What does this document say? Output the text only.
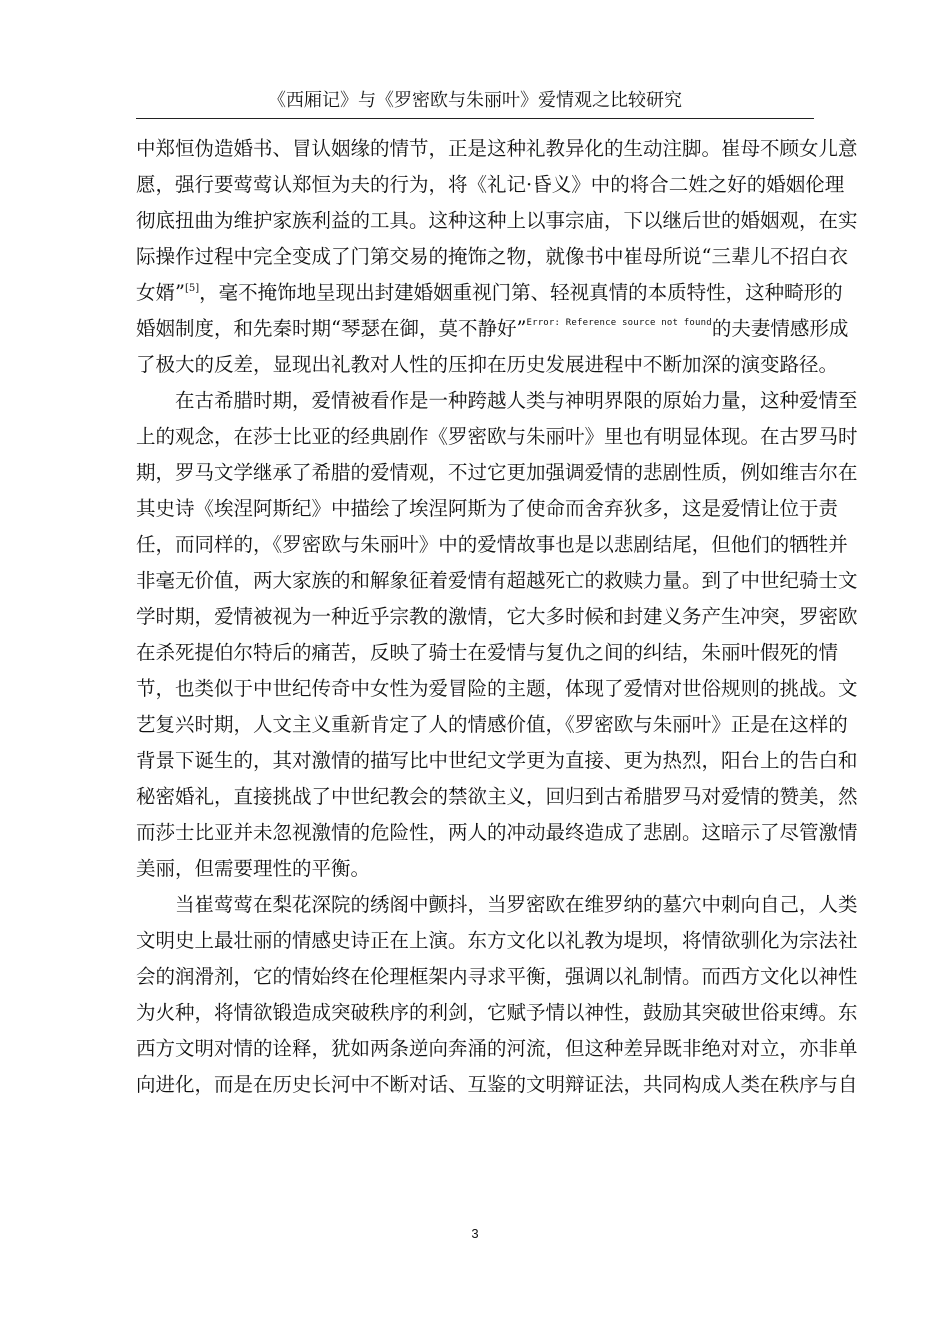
《西厢记》与《罗密欧与朱丽叶》爱情观之比较研究
中郑恒伪造婚书、冒认姻缘的情节，正是这种礼教异化的生动注脚。崔母不顾女儿意
愿，强行要莺莺认郑恒为夫的行为，将《礼记·昏义》中的将合二姓之好的婚姻伦理
彻底扭曲为维护家族利益的工具。这种这种上以事宗庙，下以继后世的婚姻观，在实
际操作过程中完全变成了门第交易的掩饰之物，就像书中崔母所说“三辈儿不招白衣
女婿”[5]，毫不掩饰地呈现出封建婚姻重视门第、轻视真情的本质特性，这种畸形的
婚姻制度，和先秦时期“琴瑟在御，莫不静好”$^{Error: Reference source not found}$的夫妻情感形成
了极大的反差，显现出礼教对人性的压抑在历史发展进程中不断加深的演变路径。
在古希腊时期，爱情被看作是一种跨越人类与神明界限的原始力量，这种爱情至
上的观念，在莎士比亚的经典剧作《罗密欧与朱丽叶》里也有明显体现。在古罗马时
期，罗马文学继承了希腊的爱情观，不过它更加强调爱情的悲剧性质，例如维吉尔在
其史诗《埃涅阿斯纪》中描绘了埃涅阿斯为了使命而舍弃狄多，这是爱情让位于责
任，而同样的，《罗密欧与朱丽叶》中的爱情故事也是以悲剧结尾，但他们的牺牲并
非毫无价值，两大家族的和解象征着爱情有超越死亡的救赎力量。到了中世纪骑士文
学时期，爱情被视为一种近乎宗教的激情，它大多时候和封建义务产生冲突，罗密欧
在杀死提伯尔特后的痛苦，反映了骑士在爱情与复仇之间的纠结，朱丽叶假死的情
节，也类似于中世纪传奇中女性为爱冒险的主题，体现了爱情对世俗规则的挑战。文
艺复兴时期，人文主义重新肯定了人的情感价值，《罗密欧与朱丽叶》正是在这样的
背景下诞生的，其对激情的描写比中世纪文学更为直接、更为热烈，阳台上的告白和
秘密婚礼，直接挑战了中世纪教会的禁欲主义，回归到古希腊罗马对爱情的赞美，然
而莎士比亚并未忽视激情的危险性，两人的冲动最终造成了悲剧。这暗示了尽管激情
美丽，但需要理性的平衡。
当崔莺莺在梨花深院的绣阁中颤抖，当罗密欧在维罗纳的墓穴中刺向自己，人类
文明史上最壮丽的情感史诗正在上演。东方文化以礼教为堤坝，将情欲驯化为宗法社
会的润滑剂，它的情始终在伦理框架内寻求平衡，强调以礼制情。而西方文化以神性
为火种，将情欲锻造成突破秩序的利剑，它赋予情以神性，鼓励其突破世俗束缚。东
西方文明对情的诠释，犹如两条逆向奔涌的河流，但这种差异既非绝对对立，亦非单
向进化，而是在历史长河中不断对话、互鉴的文明辩证法，共同构成人类在秩序与自
3
